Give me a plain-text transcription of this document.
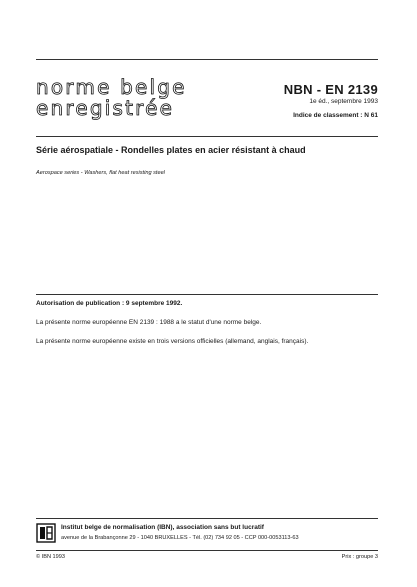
norme belge
enregistrée
NBN - EN 2139
1e éd., septembre 1993
Indice de classement : N 61
Série aérospatiale - Rondelles plates en acier résistant à chaud
Aerospace series - Washers, flat heat resisting steel
Autorisation de publication : 9 septembre 1992.
La présente norme européenne EN 2139 : 1988 a le statut d'une norme belge.
La présente norme européenne existe en trois versions officielles (allemand, anglais, français).
Institut belge de normalisation (IBN), association sans but lucratif
avenue de la Brabançonne 29 - 1040 BRUXELLES - Tél. (02) 734 92 05 - CCP 000-0053113-63
© IBN 1993	Prix : groupe 3
